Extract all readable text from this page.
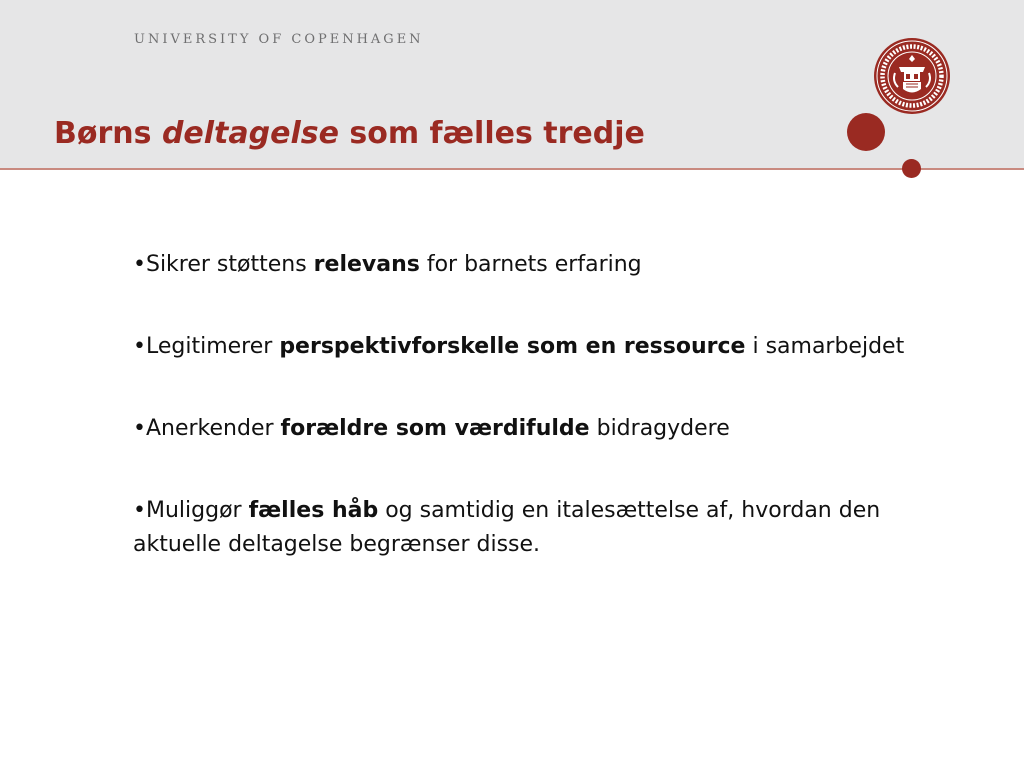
UNIVERSITY OF COPENHAGEN
Børns deltagelse som fælles tredje
•Sikrer støttens relevans for barnets erfaring
•Legitimerer perspektivforskelle som en ressource i samarbejdet
•Anerkender forældre som værdifulde bidragydere
•Muliggør fælles håb og samtidig en italesættelse af, hvordan den aktuelle deltagelse begrænser disse.
